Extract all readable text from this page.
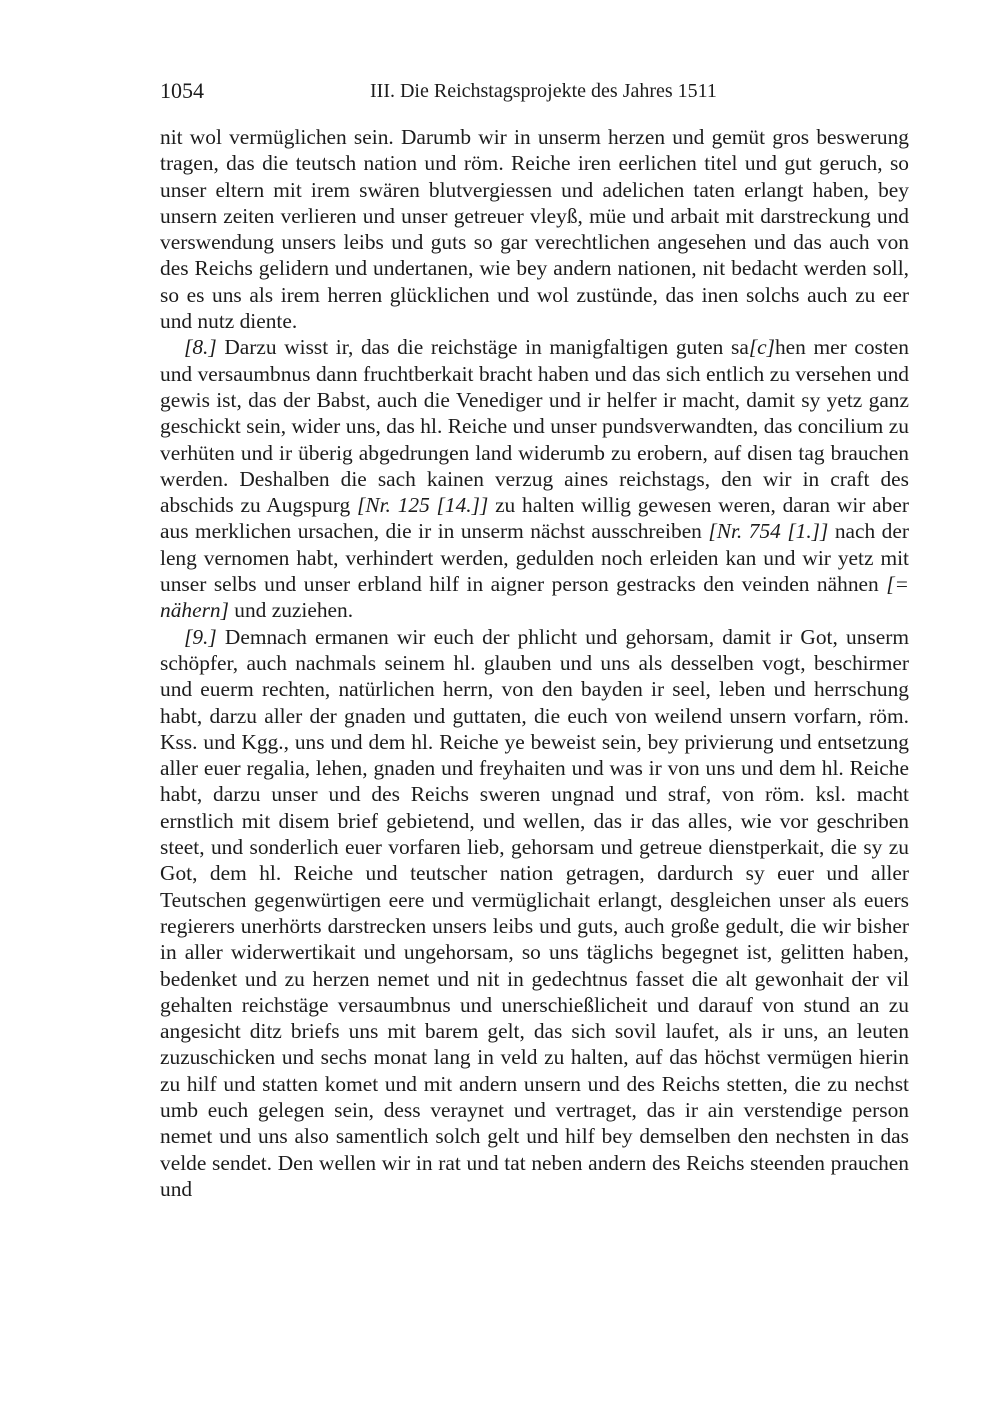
1054	III. Die Reichstagsprojekte des Jahres 1511

nit wol vermüglichen sein. Darumb wir in unserm herzen und gemüt gros beswerung tragen, das die teutsch nation und röm. Reiche iren eerlichen titel und gut geruch, so unser eltern mit irem swären blutvergiessen und adelichen taten erlangt haben, bey unsern zeiten verlieren und unser getreuer vleyß, müe und arbait mit darstreckung und verswendung unsers leibs und guts so gar verechtlichen angesehen und das auch von des Reichs gelidern und undertanen, wie bey andern nationen, nit bedacht werden soll, so es uns als irem herren glücklichen und wol zustünde, das inen solchs auch zu eer und nutz diente.

[8.] Darzu wisst ir, das die reichstäge in manigfaltigen guten sa[c]hen mer costen und versaumbnus dann fruchtberkait bracht haben und das sich entlich zu versehen und gewis ist, das der Babst, auch die Venediger und ir helfer ir macht, damit sy yetz ganz geschickt sein, wider uns, das hl. Reiche und unser pundsverwandten, das concilium zu verhüten und ir überig abgedrungen land widerumb zu erobern, auf disen tag brauchen werden. Deshalben die sach kainen verzug aines reichstags, den wir in craft des abschids zu Augspurg [Nr. 125 [14.]] zu halten willig gewesen weren, daran wir aber aus merklichen ursachen, die ir in unserm nächst ausschreiben [Nr. 754 [1.]] nach der leng vernomen habt, verhindert werden, gedulden noch erleiden kan und wir yetz mit unser selbs und unser erbland hilf in aigner person gestracks den veinden nähnen [= nähern] und zuziehen.

[9.] Demnach ermanen wir euch der phlicht und gehorsam, damit ir Got, unserm schöpfer, auch nachmals seinem hl. glauben und uns als desselben vogt, beschirmer und euerm rechten, natürlichen herrn, von den bayden ir seel, leben und herrschung habt, darzu aller der gnaden und guttaten, die euch von weilend unsern vorfarn, röm. Kss. und Kgg., uns und dem hl. Reiche ye beweist sein, bey privierung und entsetzung aller euer regalia, lehen, gnaden und freyhaiten und was ir von uns und dem hl. Reiche habt, darzu unser und des Reichs sweren ungnad und straf, von röm. ksl. macht ernstlich mit disem brief gebietend, und wellen, das ir das alles, wie vor geschriben steet, und sonderlich euer vorfaren lieb, gehorsam und getreue dienstperkait, die sy zu Got, dem hl. Reiche und teutscher nation getragen, dardurch sy euer und aller Teutschen gegenwürtigen eere und vermüglichait erlangt, desgleichen unser als euers regierers unerhörts darstrecken unsers leibs und guts, auch große gedult, die wir bisher in aller widerwertikait und ungehorsam, so uns täglichs begegnet ist, gelitten haben, bedenket und zu herzen nemet und nit in gedechtnus fasset die alt gewonhait der vil gehalten reichstäge versaumbnus und unerschießlicheit und darauf von stund an zu angesicht ditz briefs uns mit barem gelt, das sich sovil laufet, als ir uns, an leuten zuzuschicken und sechs monat lang in veld zu halten, auf das höchst vermügen hierin zu hilf und statten komet und mit andern unsern und des Reichs stetten, die zu nechst umb euch gelegen sein, dess veraynet und vertraget, das ir ain verstendige person nemet und uns also samentlich solch gelt und hilf bey demselben den nechsten in das velde sendet. Den wellen wir in rat und tat neben andern des Reichs steenden prauchen und
